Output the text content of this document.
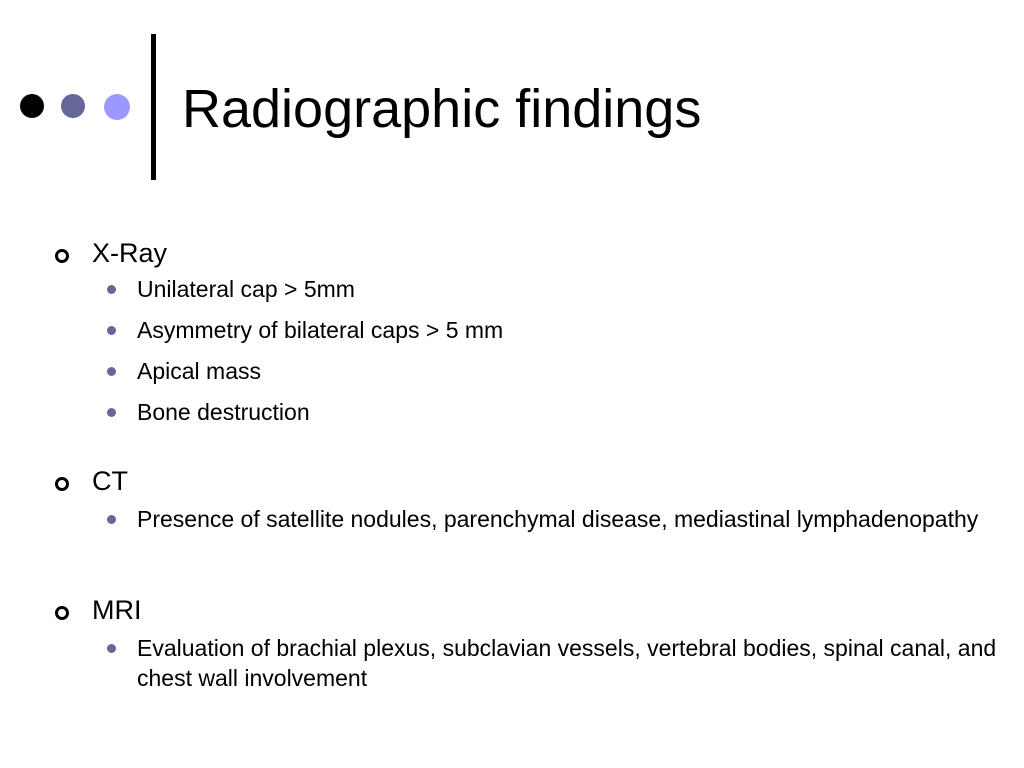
Radiographic findings
X-Ray
Unilateral cap > 5mm
Asymmetry of bilateral caps > 5 mm
Apical mass
Bone destruction
CT
Presence of satellite nodules, parenchymal disease, mediastinal lymphadenopathy
MRI
Evaluation of brachial plexus, subclavian vessels, vertebral bodies, spinal canal, and chest wall involvement
